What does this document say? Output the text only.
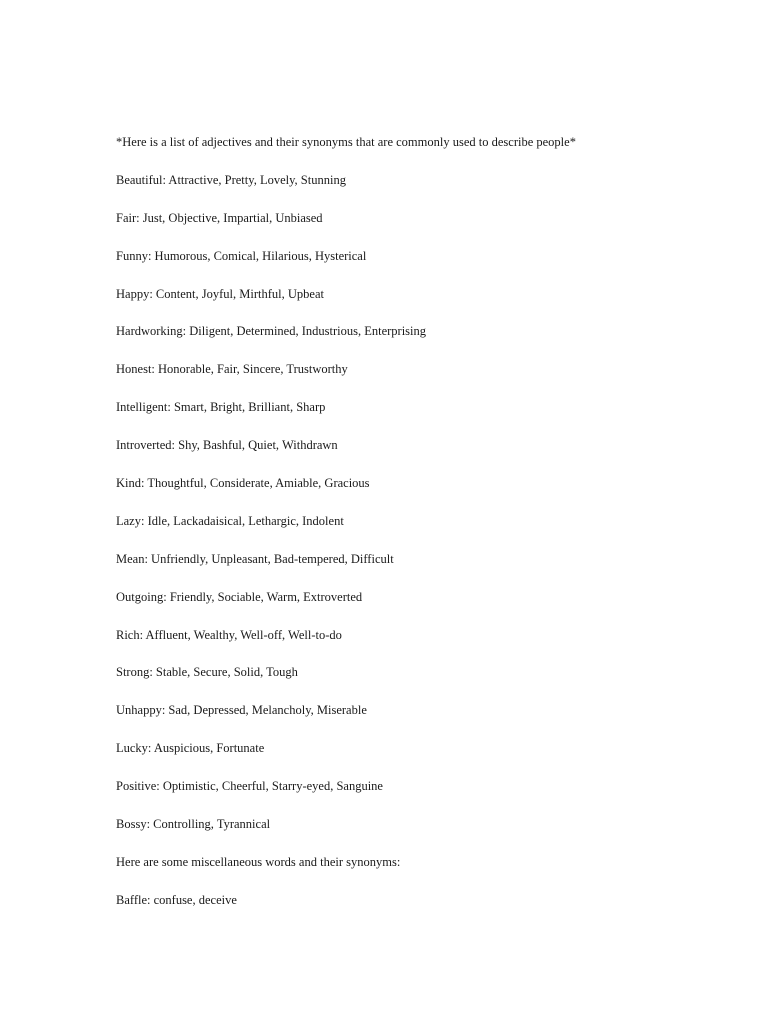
*Here is a list of adjectives and their synonyms that are commonly used to describe people*
Beautiful: Attractive, Pretty, Lovely, Stunning
Fair: Just, Objective, Impartial, Unbiased
Funny: Humorous, Comical, Hilarious, Hysterical
Happy: Content, Joyful, Mirthful, Upbeat
Hardworking: Diligent, Determined, Industrious, Enterprising
Honest: Honorable, Fair, Sincere, Trustworthy
Intelligent: Smart, Bright, Brilliant, Sharp
Introverted: Shy, Bashful, Quiet, Withdrawn
Kind: Thoughtful, Considerate, Amiable, Gracious
Lazy: Idle, Lackadaisical, Lethargic, Indolent
Mean: Unfriendly, Unpleasant, Bad-tempered, Difficult
Outgoing: Friendly, Sociable, Warm, Extroverted
Rich: Affluent, Wealthy, Well-off, Well-to-do
Strong: Stable, Secure, Solid, Tough
Unhappy: Sad, Depressed, Melancholy, Miserable
Lucky: Auspicious, Fortunate
Positive: Optimistic, Cheerful, Starry-eyed, Sanguine
Bossy: Controlling, Tyrannical
Here are some miscellaneous words and their synonyms:
Baffle: confuse, deceive
